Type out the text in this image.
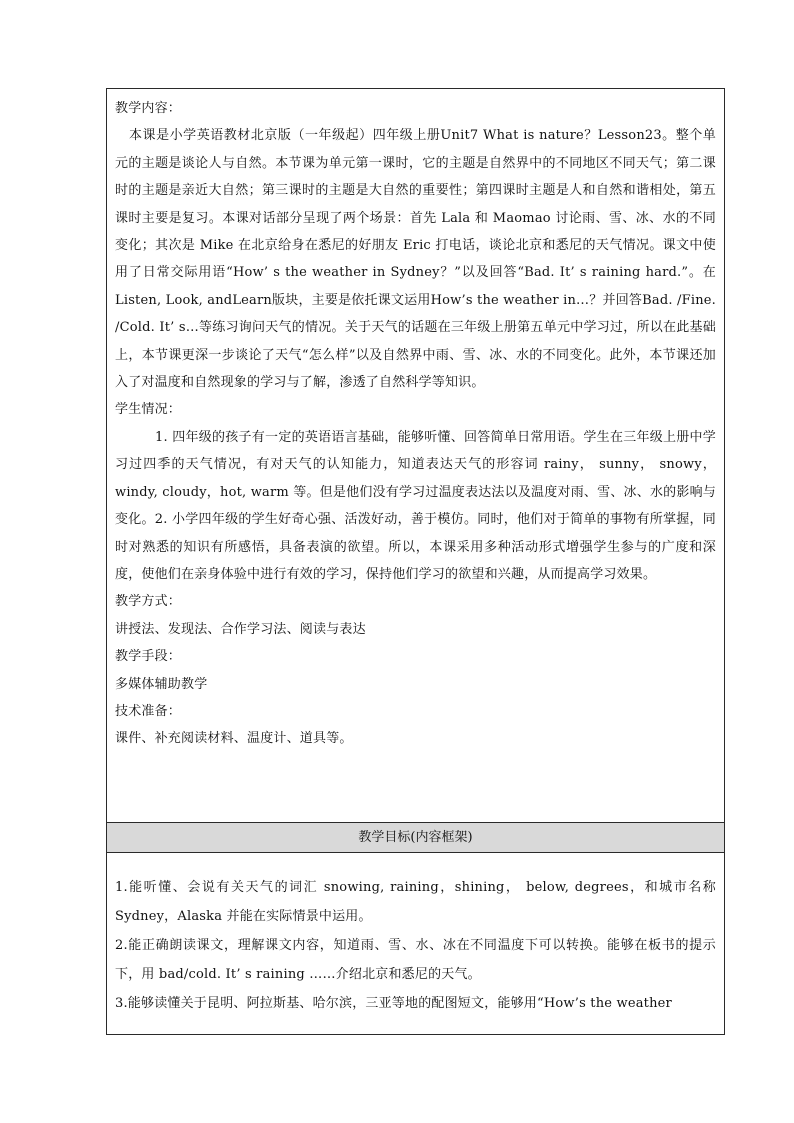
教学内容：

本课是小学英语教材北京版（一年级起）四年级上册Unit7 What is nature？Lesson23。整个单元的主题是谈论人与自然。本节课为单元第一课时，它的主题是自然界中的不同地区不同天气；第二课时的主题是亲近大自然；第三课时的主题是大自然的重要性；第四课时主题是人和自然和谐相处，第五课时主要是复习。本课对话部分呈现了两个场景：首先 Lala 和 Maomao 讨论雨、雪、冰、水的不同变化；其次是 Mike 在北京给身在悉尼的好朋友 Eric 打电话，谈论北京和悉尼的天气情况。课文中使用了日常交际用语“How’ s the weather in Sydney？”以及回答“Bad. It’ s raining hard.”。在Listen, Look, andLearn版块，主要是依托课文运用How’s the weather in…？并回答Bad. /Fine. /Cold. It’ s…等练习询问天气的情况。关于天气的话题在三年级上册第五单元中学习过，所以在此基础上，本节课更深一步谈论了天气“怎么样”以及自然界中雨、雪、冰、水的不同变化。此外，本节课还加入了对温度和自然现象的学习与了解，渗透了自然科学等知识。

学生情况：

1. 四年级的孩子有一定的英语语言基础，能够听懂、回答简单日常用语。学生在三年级上册中学习过四季的天气情况，有对天气的认知能力，知道表达天气的形容词 rainy， sunny， snowy， windy, cloudy，hot, warm 等。但是他们没有学习过温度表达法以及温度对雨、雪、冰、水的影响与变化。2. 小学四年级的学生好奇心强、活泼好动，善于模仿。同时，他们对于简单的事物有所掌握，同时对熟悉的知识有所感悟，具备表演的欲望。所以，本课采用多种活动形式增强学生参与的广度和深度，使他们在亲身体验中进行有效的学习，保持他们学习的欲望和兴趣，从而提高学习效果。

教学方式：

讲授法、发现法、合作学习法、阅读与表达

教学手段：

多媒体辅助教学

技术准备：

课件、补充阅读材料、温度计、道具等。

教学目标(内容框架)

1.能听懂、会说有关天气的词汇 snowing, raining，shining， below, degrees，和城市名称 Sydney，Alaska 并能在实际情景中运用。

2.能正确朗读课文，理解课文内容，知道雨、雪、水、冰在不同温度下可以转换。能够在板书的提示下，用 bad/cold. It’ s raining ……介绍北京和悉尼的天气。

3.能够读懂关于昆明、阿拉斯基、哈尔滨，三亚等地的配图短文，能够用“How’s the weather
